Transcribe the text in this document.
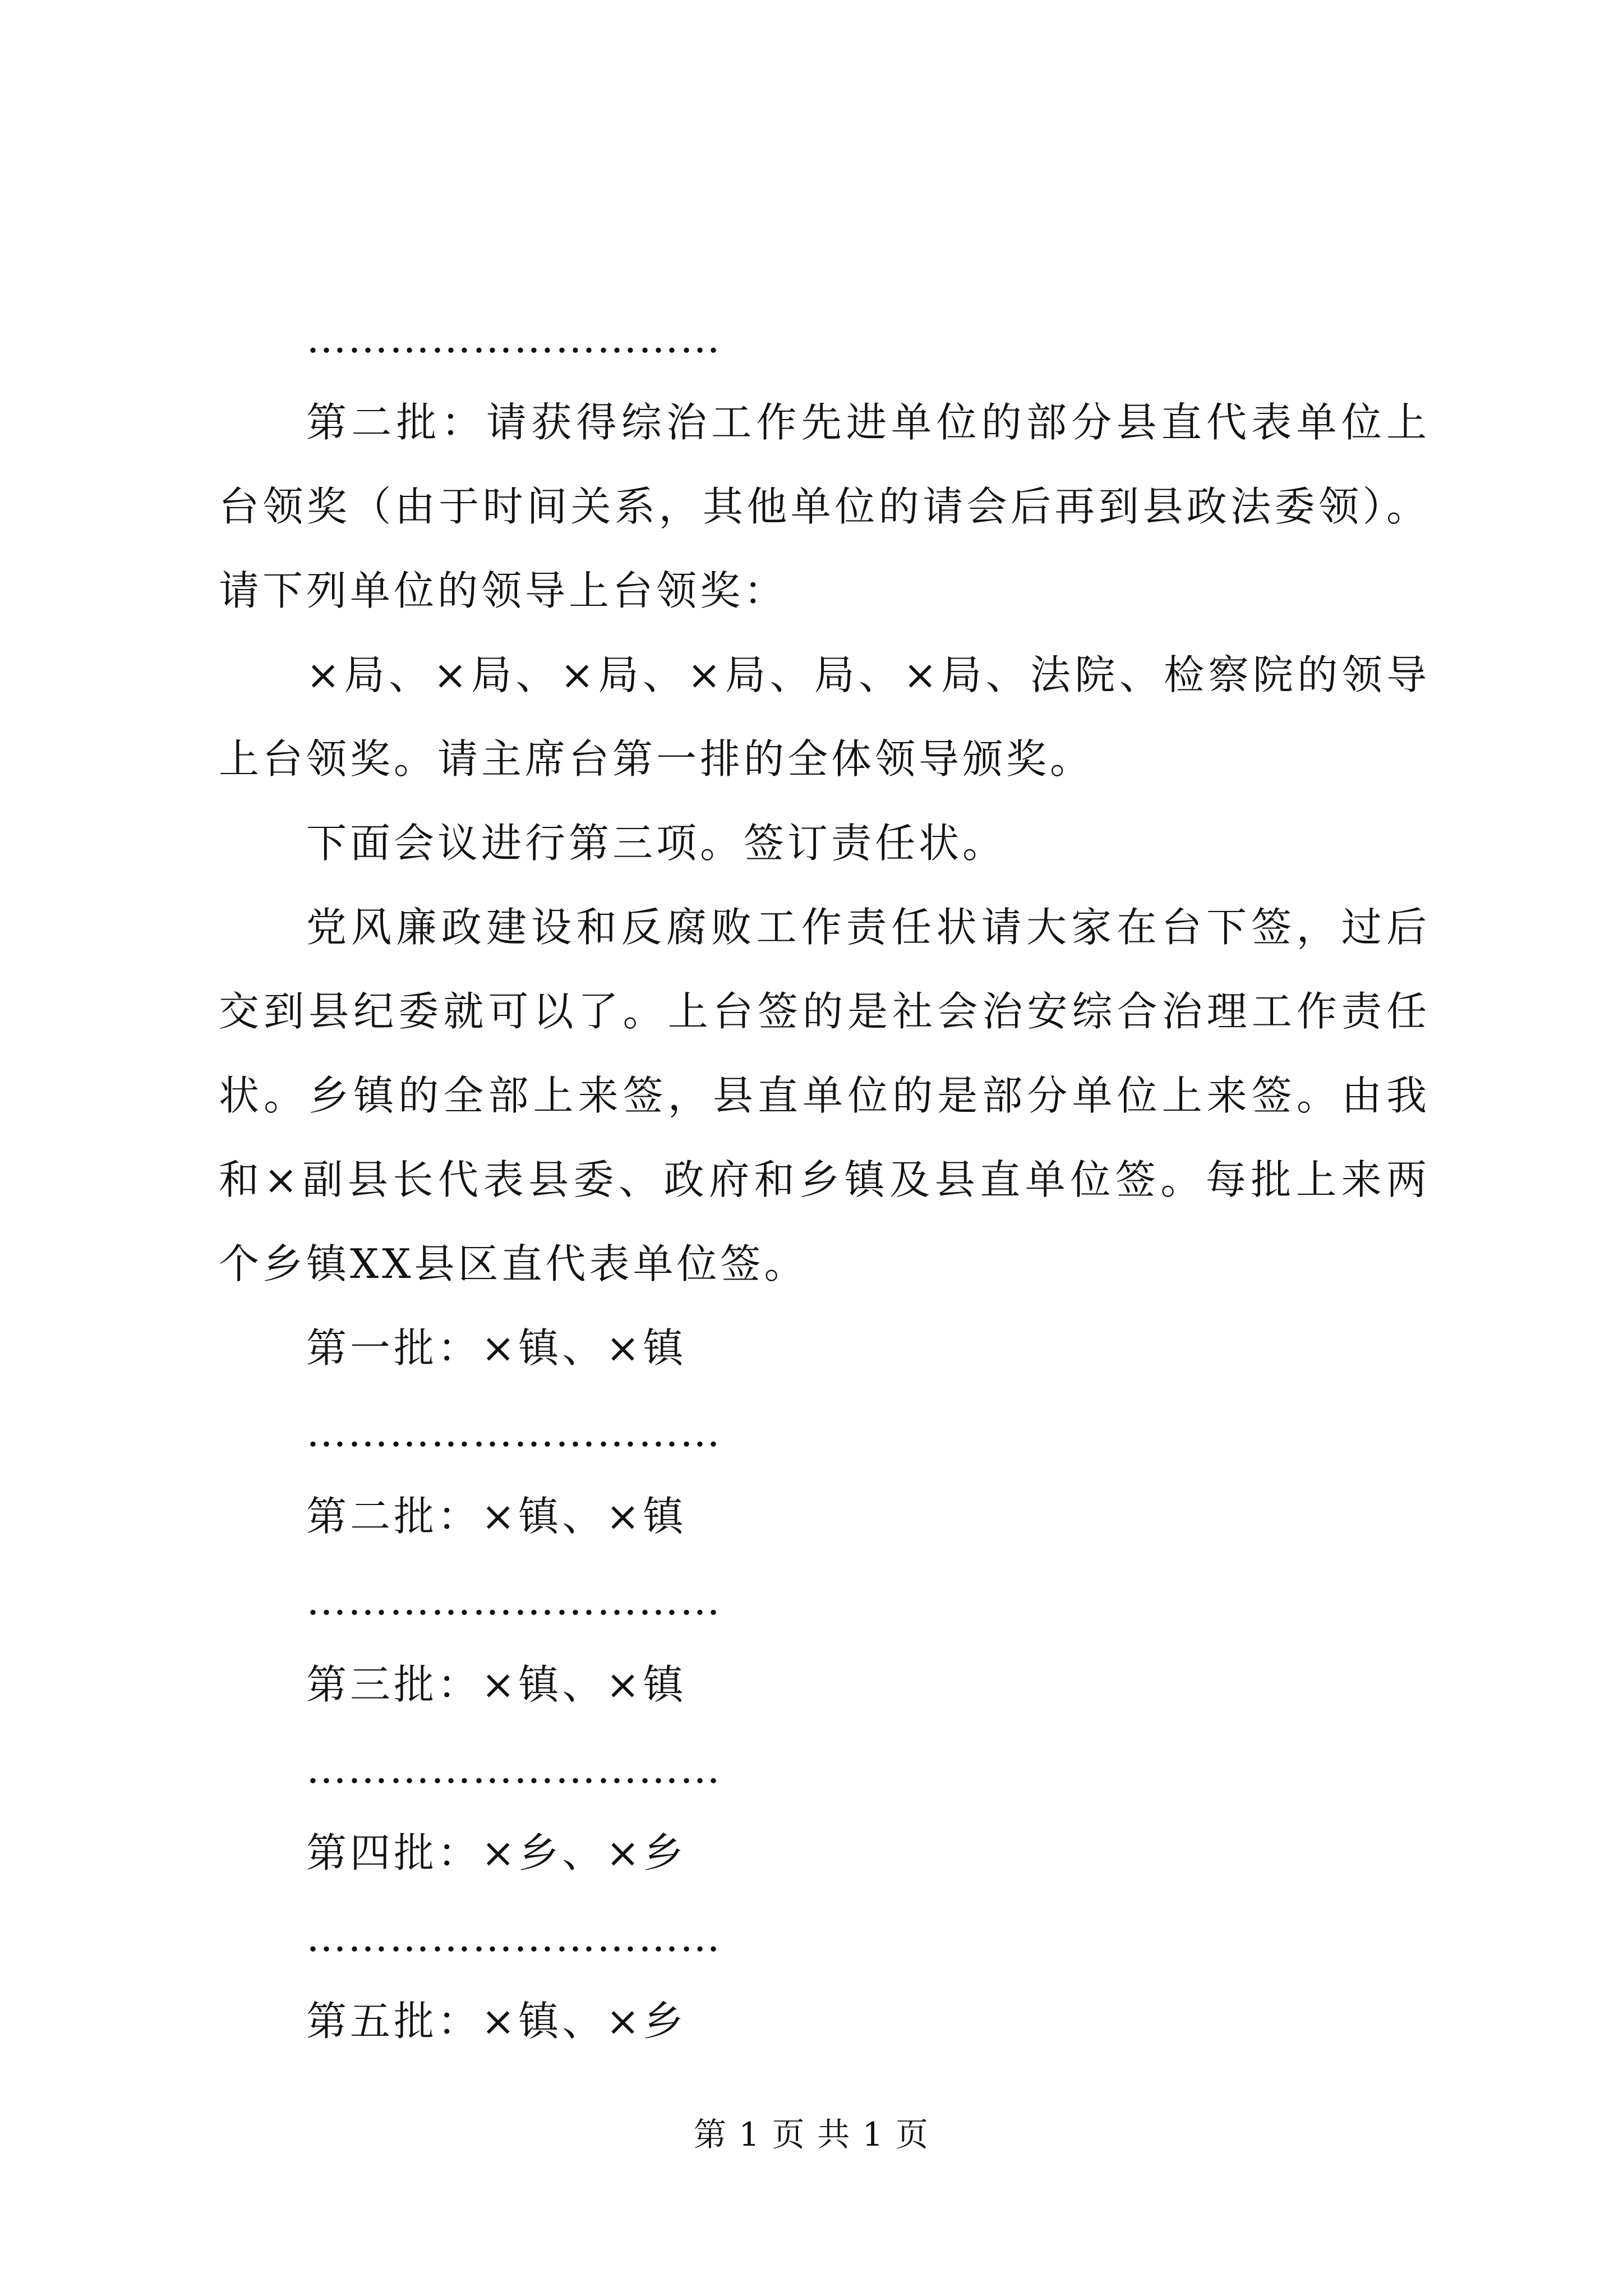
…………………………

第二批：请获得综治工作先进单位的部分县直代表单位上台领奖（由于时间关系，其他单位的请会后再到县政法委领）。请下列单位的领导上台领奖：

×局、×局、×局、×局、局、×局、法院、检察院的领导上台领奖。请主席台第一排的全体领导颁奖。

下面会议进行第三项。签订责任状。

党风廉政建设和反腐败工作责任状请大家在台下签，过后交到县纪委就可以了。上台签的是社会治安综合治理工作责任状。乡镇的全部上来签，县直单位的是部分单位上来签。由我和×副县长代表县委、政府和乡镇及县直单位签。每批上来两个乡镇XX县区直代表单位签。

第一批：×镇、×镇

…………………………

第二批：×镇、×镇

…………………………

第三批：×镇、×镇

…………………………

第四批：×乡、×乡

…………………………

第五批：×镇、×乡

第 1 页 共 1 页
